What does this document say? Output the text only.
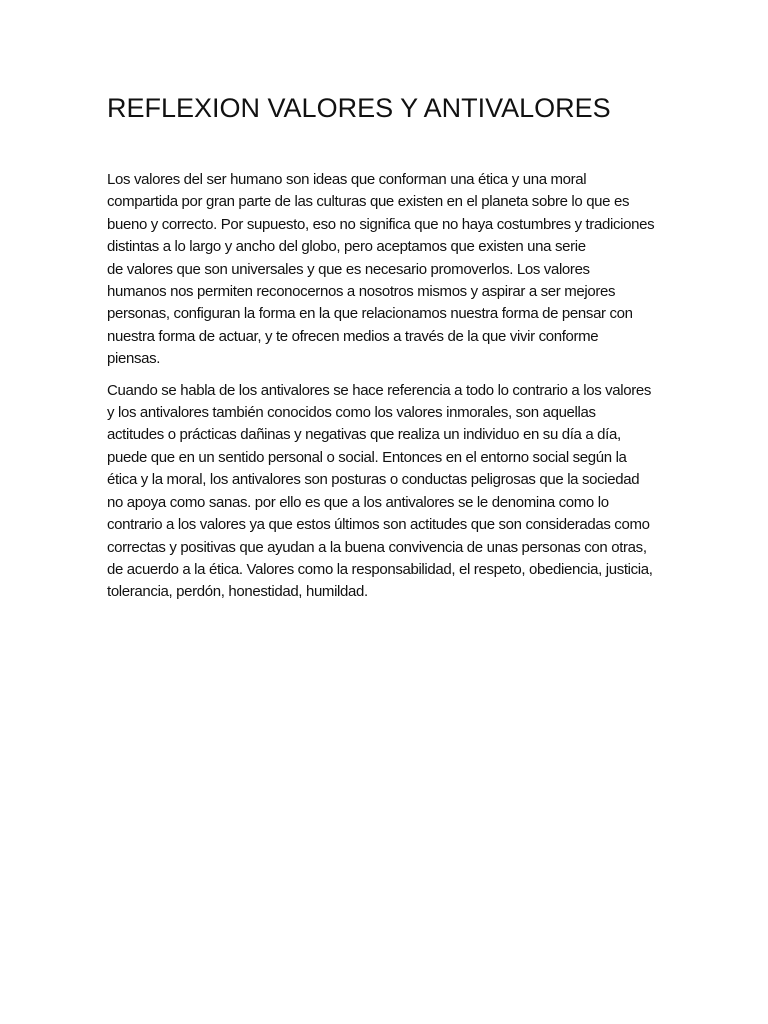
REFLEXION VALORES Y ANTIVALORES

Los valores del ser humano son ideas que conforman una ética y una moral
compartida por gran parte de las culturas que existen en el planeta sobre lo que es
bueno y correcto. Por supuesto, eso no significa que no haya costumbres y tradiciones
distintas a lo largo y ancho del globo, pero aceptamos que existen una serie
de valores que son universales y que es necesario promoverlos. Los valores
humanos nos permiten reconocernos a nosotros mismos y aspirar a ser mejores
personas, configuran la forma en la que relacionamos nuestra forma de pensar con
nuestra forma de actuar, y te ofrecen medios a través de la que vivir conforme
piensas.

Cuando se habla de los antivalores se hace referencia a todo lo contrario a los valores
y los antivalores también conocidos como los valores inmorales, son aquellas
actitudes o prácticas dañinas y negativas que realiza un individuo en su día a día,
puede que en un sentido personal o social. Entonces en el entorno social según la
ética y la moral, los antivalores son posturas o conductas peligrosas que la sociedad
no apoya como sanas. por ello es que a los antivalores se le denomina como lo
contrario a los valores ya que estos últimos son actitudes que son consideradas como
correctas y positivas que ayudan a la buena convivencia de unas personas con otras,
de acuerdo a la ética. Valores como la responsabilidad, el respeto, obediencia, justicia,
tolerancia, perdón, honestidad, humildad.
